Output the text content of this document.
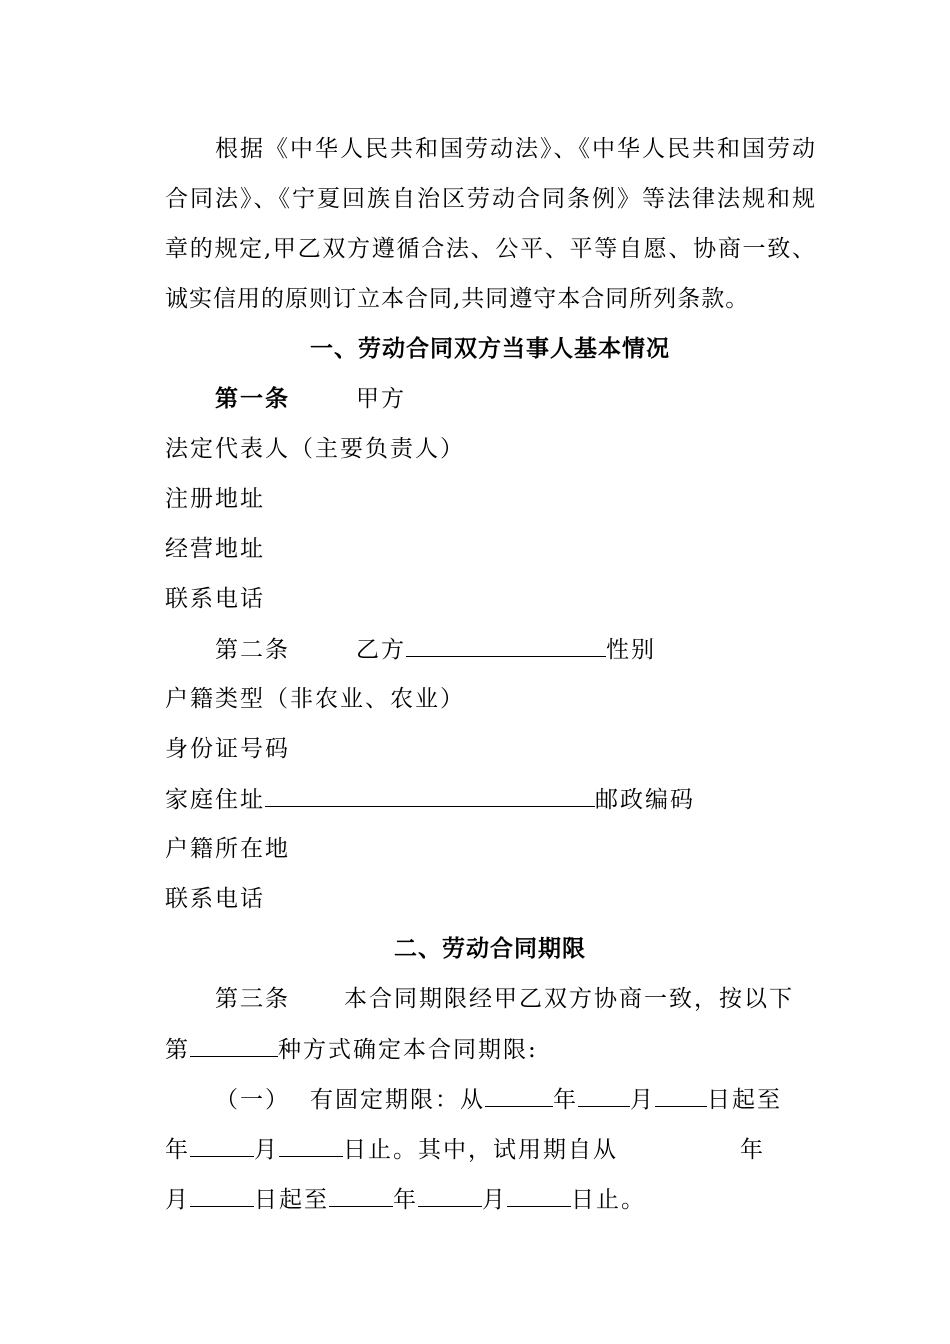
根据《中华人民共和国劳动法》、《中华人民共和国劳动
合同法》、《宁夏回族自治区劳动合同条例》等法律法规和规
章的规定,甲乙双方遵循合法、公平、平等自愿、协商一致、
诚实信用的原则订立本合同,共同遵守本合同所列条款。
一、劳动合同双方当事人基本情况
第一条	甲方
法定代表人（主要负责人）
注册地址
经营地址
联系电话
第二条	乙方	性别
户籍类型（非农业、农业）
身份证号码
家庭住址	邮政编码
户籍所在地
联系电话
二、劳动合同期限
第三条 本合同期限经甲乙双方协商一致，按以下
第	种方式确定本合同期限:
（一） 有固定期限：从	年 月 日起至
年	月	日止。其中，试用期自从	年
月	日起至	年	月	日止。
